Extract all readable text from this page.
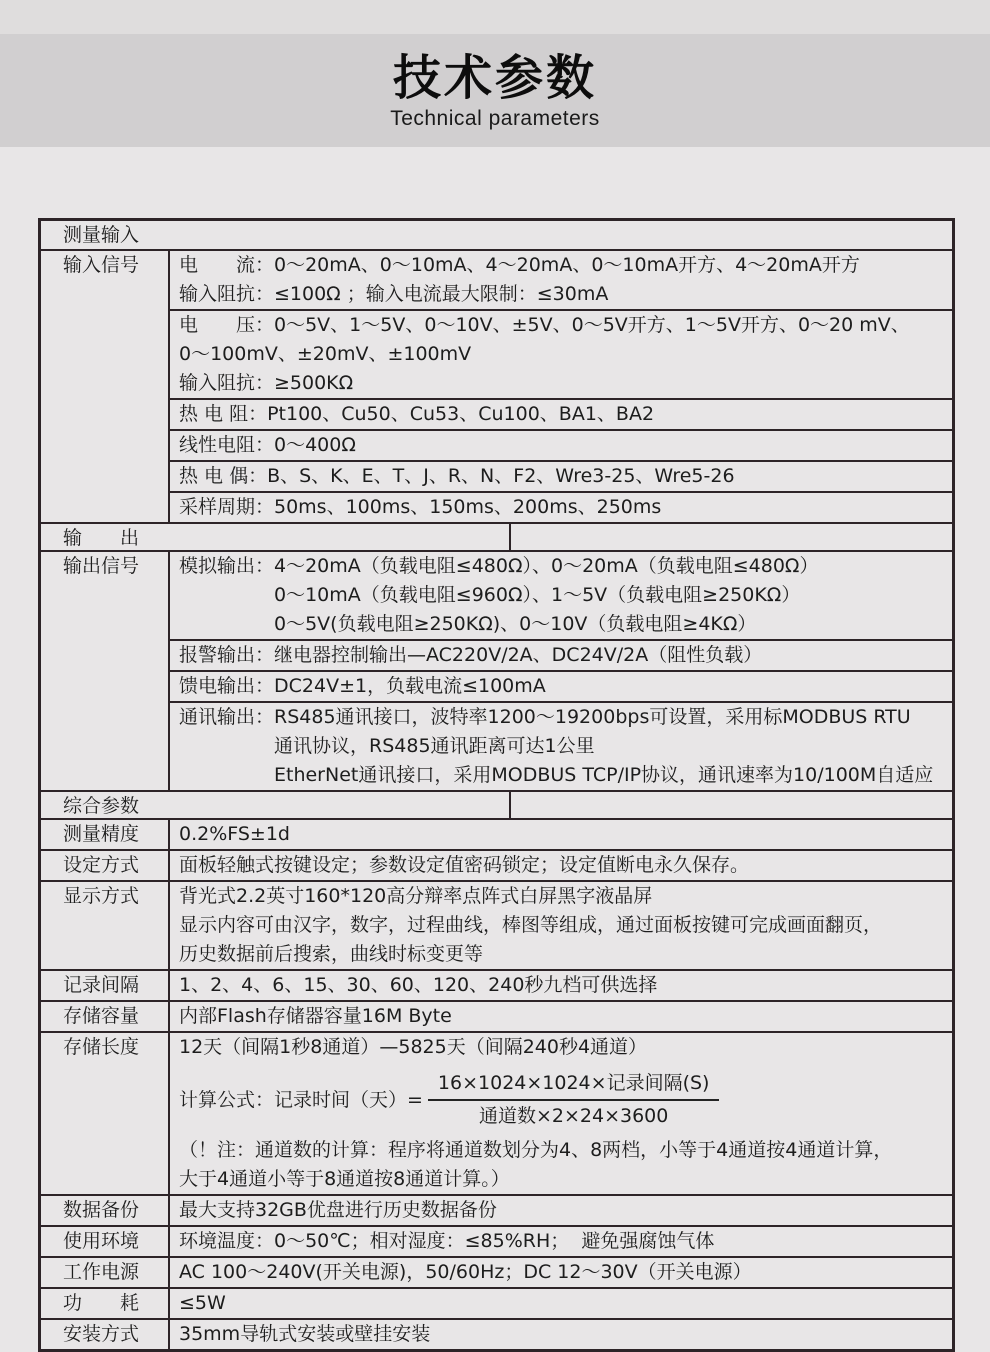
技术参数
Technical parameters
测量输入
输入信号	电　　流：0～20mA、0～10mA、4～20mA、0～10mA开方、4～20mA开方
输入阻抗：≤100Ω ；输入电流最大限制：≤30mA
电　　压：0～5V、1～5V、0～10V、±5V、0～5V开方、1～5V开方、0～20 mV、
0～100mV、±20mV、±100mV
输入阻抗：≥500KΩ
热 电 阻：Pt100、Cu50、Cu53、Cu100、BA1、BA2
线性电阻：0～400Ω
热 电 偶：B、S、K、E、T、J、R、N、F2、Wre3-25、Wre5-26
采样周期：50ms、100ms、150ms、200ms、250ms
输　　出
输出信号	模拟输出：4～20mA（负载电阻≤480Ω）、0～20mA（负载电阻≤480Ω）
　　　　　0～10mA（负载电阻≤960Ω）、1～5V（负载电阻≥250KΩ）
　　　　　0～5V(负载电阻≥250KΩ)、0～10V（负载电阻≥4KΩ）
报警输出：继电器控制输出—AC220V/2A、DC24V/2A（阻性负载）
馈电输出：DC24V±1，负载电流≤100mA
通讯输出：RS485通讯接口，波特率1200～19200bps可设置，采用标MODBUS RTU
　　　　　通讯协议，RS485通讯距离可达1公里
　　　　　EtherNet通讯接口，采用MODBUS TCP/IP协议，通讯速率为10/100M自适应
综合参数
测量精度	0.2%FS±1d
设定方式	面板轻触式按键设定；参数设定值密码锁定；设定值断电永久保存。
显示方式	背光式2.2英寸160*120高分辩率点阵式白屏黑字液晶屏
显示内容可由汉字，数字，过程曲线，棒图等组成，通过面板按键可完成画面翻页，
历史数据前后搜索，曲线时标变更等
记录间隔	1、2、4、6、15、30、60、120、240秒九档可供选择
存储容量	内部Flash存储器容量16M Byte
存储长度	12天（间隔1秒8通道）—5825天（间隔240秒4通道）
计算公式：记录时间（天）= $\frac{\text{16×1024×1024×记录间隔(S)}}{\text{通道数×2×24×3600}}$
（！注：通道数的计算：程序将通道数划分为4、8两档，小等于4通道按4通道计算，
大于4通道小等于8通道按8通道计算。）
数据备份	最大支持32GB优盘进行历史数据备份
使用环境	环境温度：0～50℃；相对湿度：≤85%RH；  避免强腐蚀气体
工作电源	AC 100～240V(开关电源)，50/60Hz；DC 12～30V（开关电源）
功　　耗	≤5W
安装方式	35mm导轨式安装或壁挂安装
